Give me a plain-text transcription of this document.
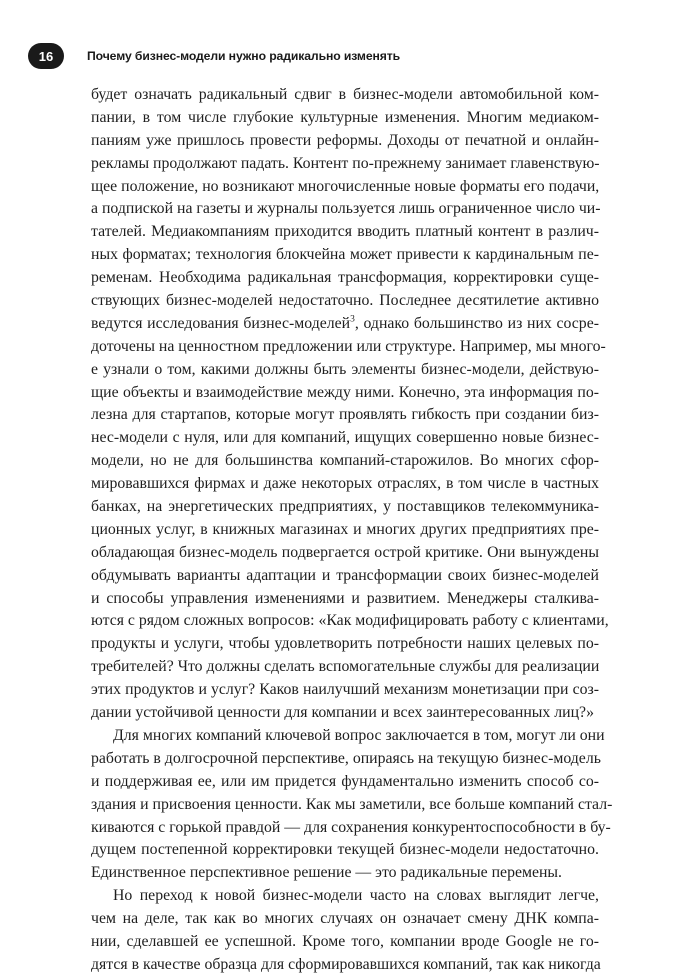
16	Почему бизнес-модели нужно радикально изменять

будет означать радикальный сдвиг в бизнес-модели автомобильной ком-
пании, в том числе глубокие культурные изменения. Многим медиаком-
паниям уже пришлось провести реформы. Доходы от печатной и онлайн-
рекламы продолжают падать. Контент по-прежнему занимает главенствую-
щее положение, но возникают многочисленные новые форматы его подачи,
а подпиской на газеты и журналы пользуется лишь ограниченное число чи-
тателей. Медиакомпаниям приходится вводить платный контент в различ-
ных форматах; технология блокчейна может привести к кардинальным пе-
ременам. Необходима радикальная трансформация, корректировки суще-
ствующих бизнес-моделей недостаточно. Последнее десятилетие активно
ведутся исследования бизнес-моделей$^3$, однако большинство из них сосре-
доточены на ценностном предложении или структуре. Например, мы много-
е узнали о том, какими должны быть элементы бизнес-модели, действую-
щие объекты и взаимодействие между ними. Конечно, эта информация по-
лезна для стартапов, которые могут проявлять гибкость при создании биз-
нес-модели с нуля, или для компаний, ищущих совершенно новые бизнес-
модели, но не для большинства компаний-старожилов. Во многих сфор-
мировавшихся фирмах и даже некоторых отраслях, в том числе в частных
банках, на энергетических предприятиях, у поставщиков телекоммуника-
ционных услуг, в книжных магазинах и многих других предприятиях пре-
обладающая бизнес-модель подвергается острой критике. Они вынуждены
обдумывать варианты адаптации и трансформации своих бизнес-моделей
и способы управления изменениями и развитием. Менеджеры сталкива-
ются с рядом сложных вопросов: «Как модифицировать работу с клиентами,
продукты и услуги, чтобы удовлетворить потребности наших целевых по-
требителей? Что должны сделать вспомогательные службы для реализации
этих продуктов и услуг? Каков наилучший механизм монетизации при соз-
дании устойчивой ценности для компании и всех заинтересованных лиц?»

Для многих компаний ключевой вопрос заключается в том, могут ли они
работать в долгосрочной перспективе, опираясь на текущую бизнес-модель
и поддерживая ее, или им придется фундаментально изменить способ со-
здания и присвоения ценности. Как мы заметили, все больше компаний стал-
киваются с горькой правдой — для сохранения конкурентоспособности в бу-
дущем постепенной корректировки текущей бизнес-модели недостаточно.
Единственное перспективное решение — это радикальные перемены.

Но переход к новой бизнес-модели часто на словах выглядит легче,
чем на деле, так как во многих случаях он означает смену ДНК компа-
нии, сделавшей ее успешной. Кроме того, компании вроде Google не го-
дятся в качестве образца для сформировавшихся компаний, так как никогда
